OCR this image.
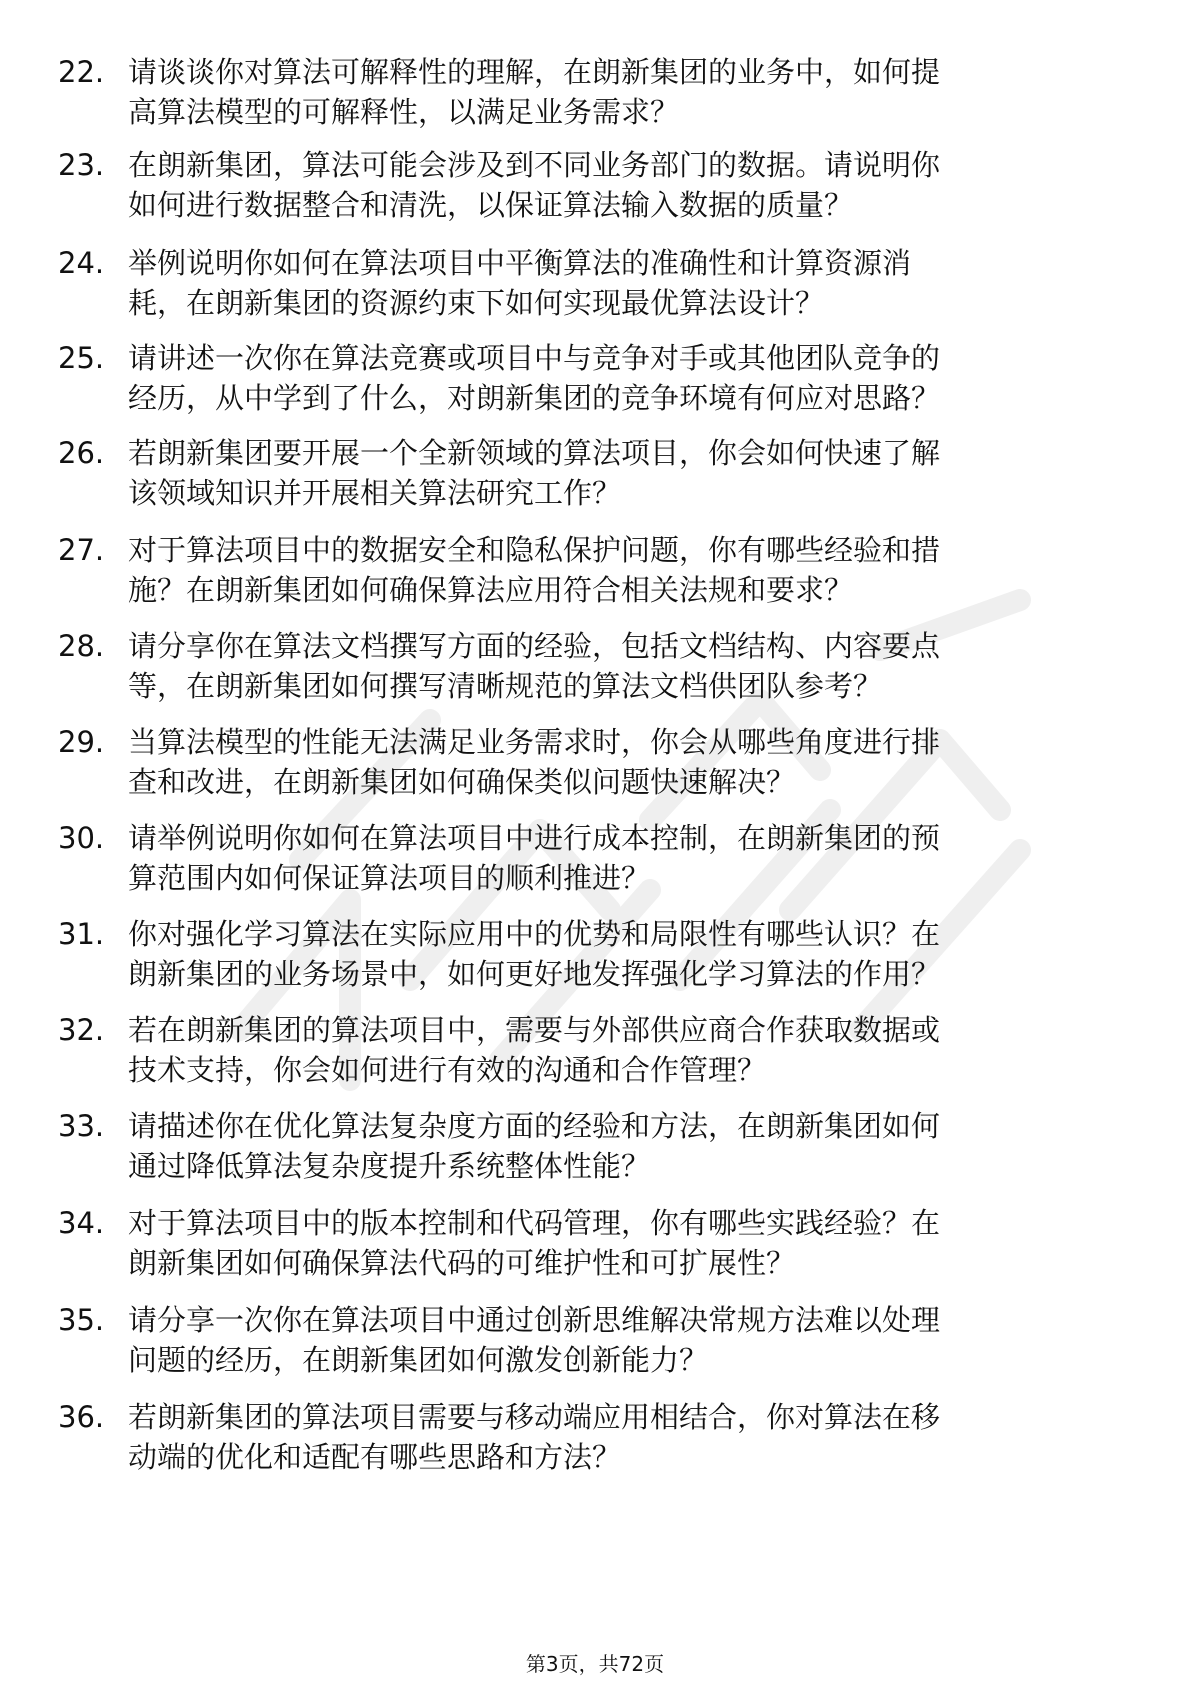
22. 请谈谈你对算法可解释性的理解，在朗新集团的业务中，如何提
高算法模型的可解释性，以满足业务需求？
23. 在朗新集团，算法可能会涉及到不同业务部门的数据。请说明你
如何进行数据整合和清洗，以保证算法输入数据的质量？
24. 举例说明你如何在算法项目中平衡算法的准确性和计算资源消
耗，在朗新集团的资源约束下如何实现最优算法设计？
25. 请讲述一次你在算法竞赛或项目中与竞争对手或其他团队竞争的
经历，从中学到了什么，对朗新集团的竞争环境有何应对思路？
26. 若朗新集团要开展一个全新领域的算法项目，你会如何快速了解
该领域知识并开展相关算法研究工作？
27. 对于算法项目中的数据安全和隐私保护问题，你有哪些经验和措
施？在朗新集团如何确保算法应用符合相关法规和要求？
28. 请分享你在算法文档撰写方面的经验，包括文档结构、内容要点
等，在朗新集团如何撰写清晰规范的算法文档供团队参考？
29. 当算法模型的性能无法满足业务需求时，你会从哪些角度进行排
查和改进，在朗新集团如何确保类似问题快速解决？
30. 请举例说明你如何在算法项目中进行成本控制，在朗新集团的预
算范围内如何保证算法项目的顺利推进？
31. 你对强化学习算法在实际应用中的优势和局限性有哪些认识？在
朗新集团的业务场景中，如何更好地发挥强化学习算法的作用？
32. 若在朗新集团的算法项目中，需要与外部供应商合作获取数据或
技术支持，你会如何进行有效的沟通和合作管理？
33. 请描述你在优化算法复杂度方面的经验和方法，在朗新集团如何
通过降低算法复杂度提升系统整体性能？
34. 对于算法项目中的版本控制和代码管理，你有哪些实践经验？在
朗新集团如何确保算法代码的可维护性和可扩展性？
35. 请分享一次你在算法项目中通过创新思维解决常规方法难以处理
问题的经历，在朗新集团如何激发创新能力？
36. 若朗新集团的算法项目需要与移动端应用相结合，你对算法在移
动端的优化和适配有哪些思路和方法？
第3页，共72页
